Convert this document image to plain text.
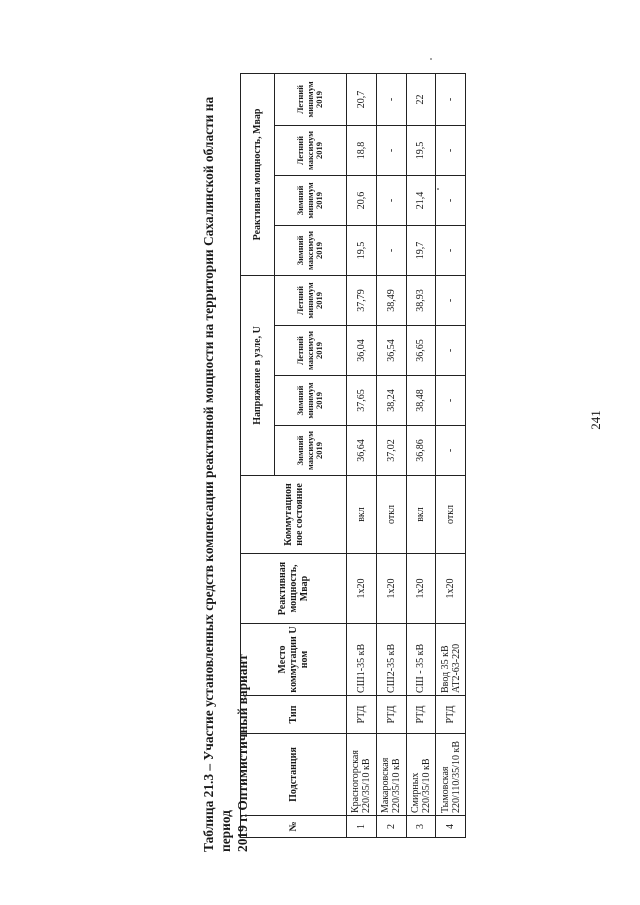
Таблица 21.3 – Участие установленных средств компенсации реактивной мощности на территории Сахалинской области на период 2019 г. Оптимистичный вариант	№	Подстанция	Тип	Место коммутации U ном	Реактивная мощность, Мвар	Коммутацион ное состояние	Напряжение в узле, U				Реактивная мощность, Мвар			
						Зимний максимум 2019	Зимний минимум 2019	Летний максимум 2019	Летний минимум 2019	Зимний максимум 2019	Зимний минимум 2019	Летний максимум 2019	Летний минимум 2019
1	Красногорская 220/35/10 кВ	РТД	СШ1-35 кВ	1х20	вкл	36,64	37,65	36,04	37,79	19,5	20,6	18,8	20,7
2	Макаровская 220/35/10 кВ	РТД	СШ2-35 кВ	1х20	откл	37,02	38,24	36,54	38,49	-	-	-	-
3	Смирных 220/35/10 кВ	РТД	СШ - 35 кВ	1х20	вкл	36,86	38,48	36,65	38,93	19,7	21,4	19,5	22
4	Тымовская 220/110/35/10 кВ	РТД	Ввод 35 кВ АТ2-63-220	1х20	откл	-	-	-	-	-	-	-	-
241
